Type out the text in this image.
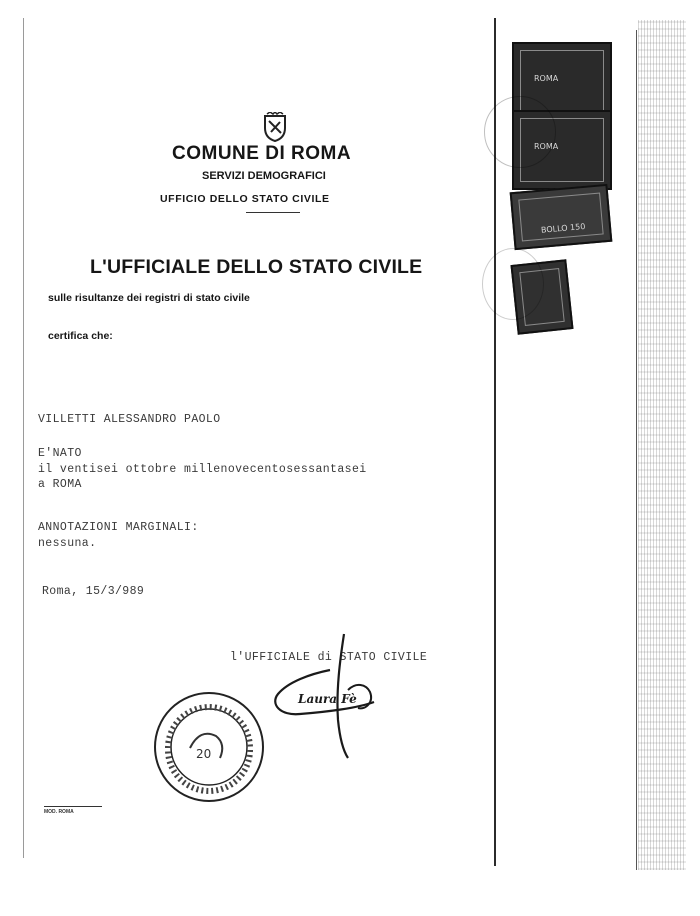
COMUNE DI ROMA
SERVIZI DEMOGRAFICI
UFFICIO DELLO STATO CIVILE
L'UFFICIALE DELLO STATO CIVILE
sulle risultanze dei registri di stato civile
certifica che:
VILLETTI ALESSANDRO PAOLO
E'NATO
il ventisei ottobre millenovecentosessantasei
a ROMA
ANNOTAZIONI MARGINALI:
nessuna.
Roma, 15/3/989
l'UFFICIALE di STATO CIVILE
Laura Fè
20
MOD. ROMA
ROMA
ROMA
BOLLO 150
